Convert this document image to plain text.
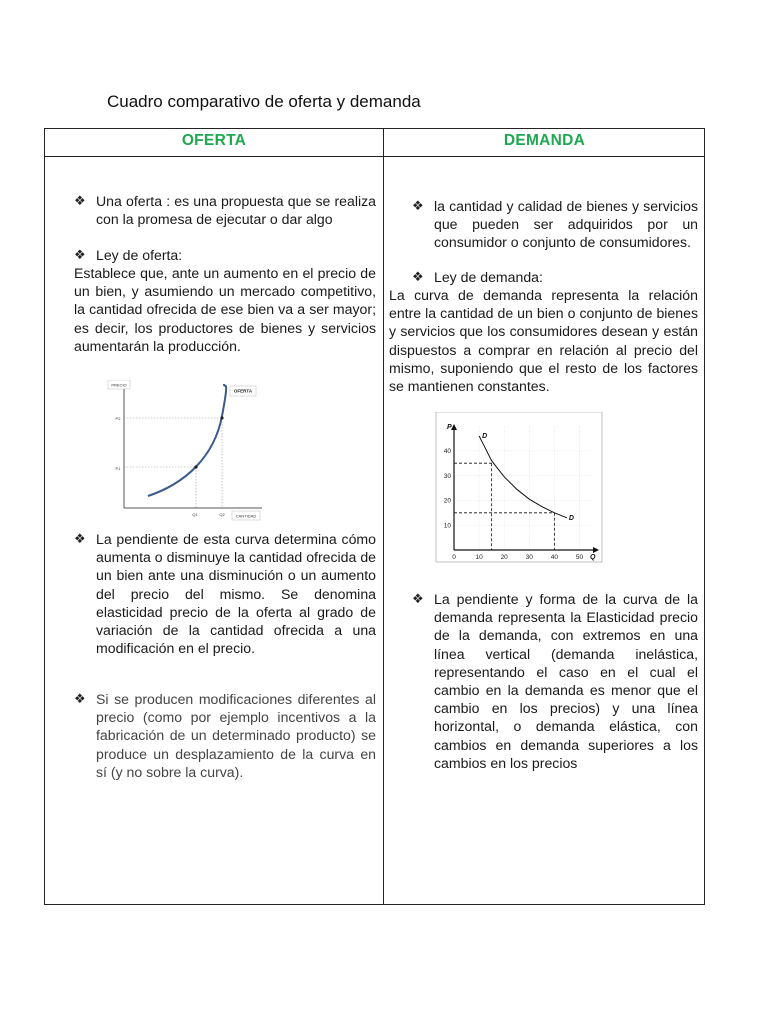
Cuadro comparativo de oferta y demanda
OFERTA	DEMANDA
❖ Una oferta : es una propuesta que se realiza con la promesa de ejecutar o dar algo
❖ Ley de oferta:
Establece que, ante un aumento en el precio de un bien, y asumiendo un mercado competitivo, la cantidad ofrecida de ese bien va a ser mayor; es decir, los productores de bienes y servicios aumentarán la producción.
PRECIO
OFERTA
CANTIDAD
P2
P1
Q1	Q2
❖ La pendiente de esta curva determina cómo aumenta o disminuye la cantidad ofrecida de un bien ante una disminución o un aumento del precio del mismo. Se denomina elasticidad precio de la oferta al grado de variación de la cantidad ofrecida a una modificación en el precio.
❖ Si se producen modificaciones diferentes al precio (como por ejemplo incentivos a la fabricación de un determinado producto) se produce un desplazamiento de la curva en sí (y no sobre la curva).
❖ la cantidad y calidad de bienes y servicios que pueden ser adquiridos por un consumidor o conjunto de consumidores.
❖ Ley de demanda:
La curva de demanda representa la relación entre la cantidad de un bien o conjunto de bienes y servicios que los consumidores desean y están dispuestos a comprar en relación al precio del mismo, suponiendo que el resto de los factores se mantienen constantes.
0	10	20	30	40	50
10
20
30
40
P
Q
D
D
❖ La pendiente y forma de la curva de la demanda representa la Elasticidad precio de la demanda, con extremos en una línea vertical (demanda inelástica, representando el caso en el cual el cambio en la demanda es menor que el cambio en los precios) y una línea horizontal, o demanda elástica, con cambios en demanda superiores a los cambios en los precios
